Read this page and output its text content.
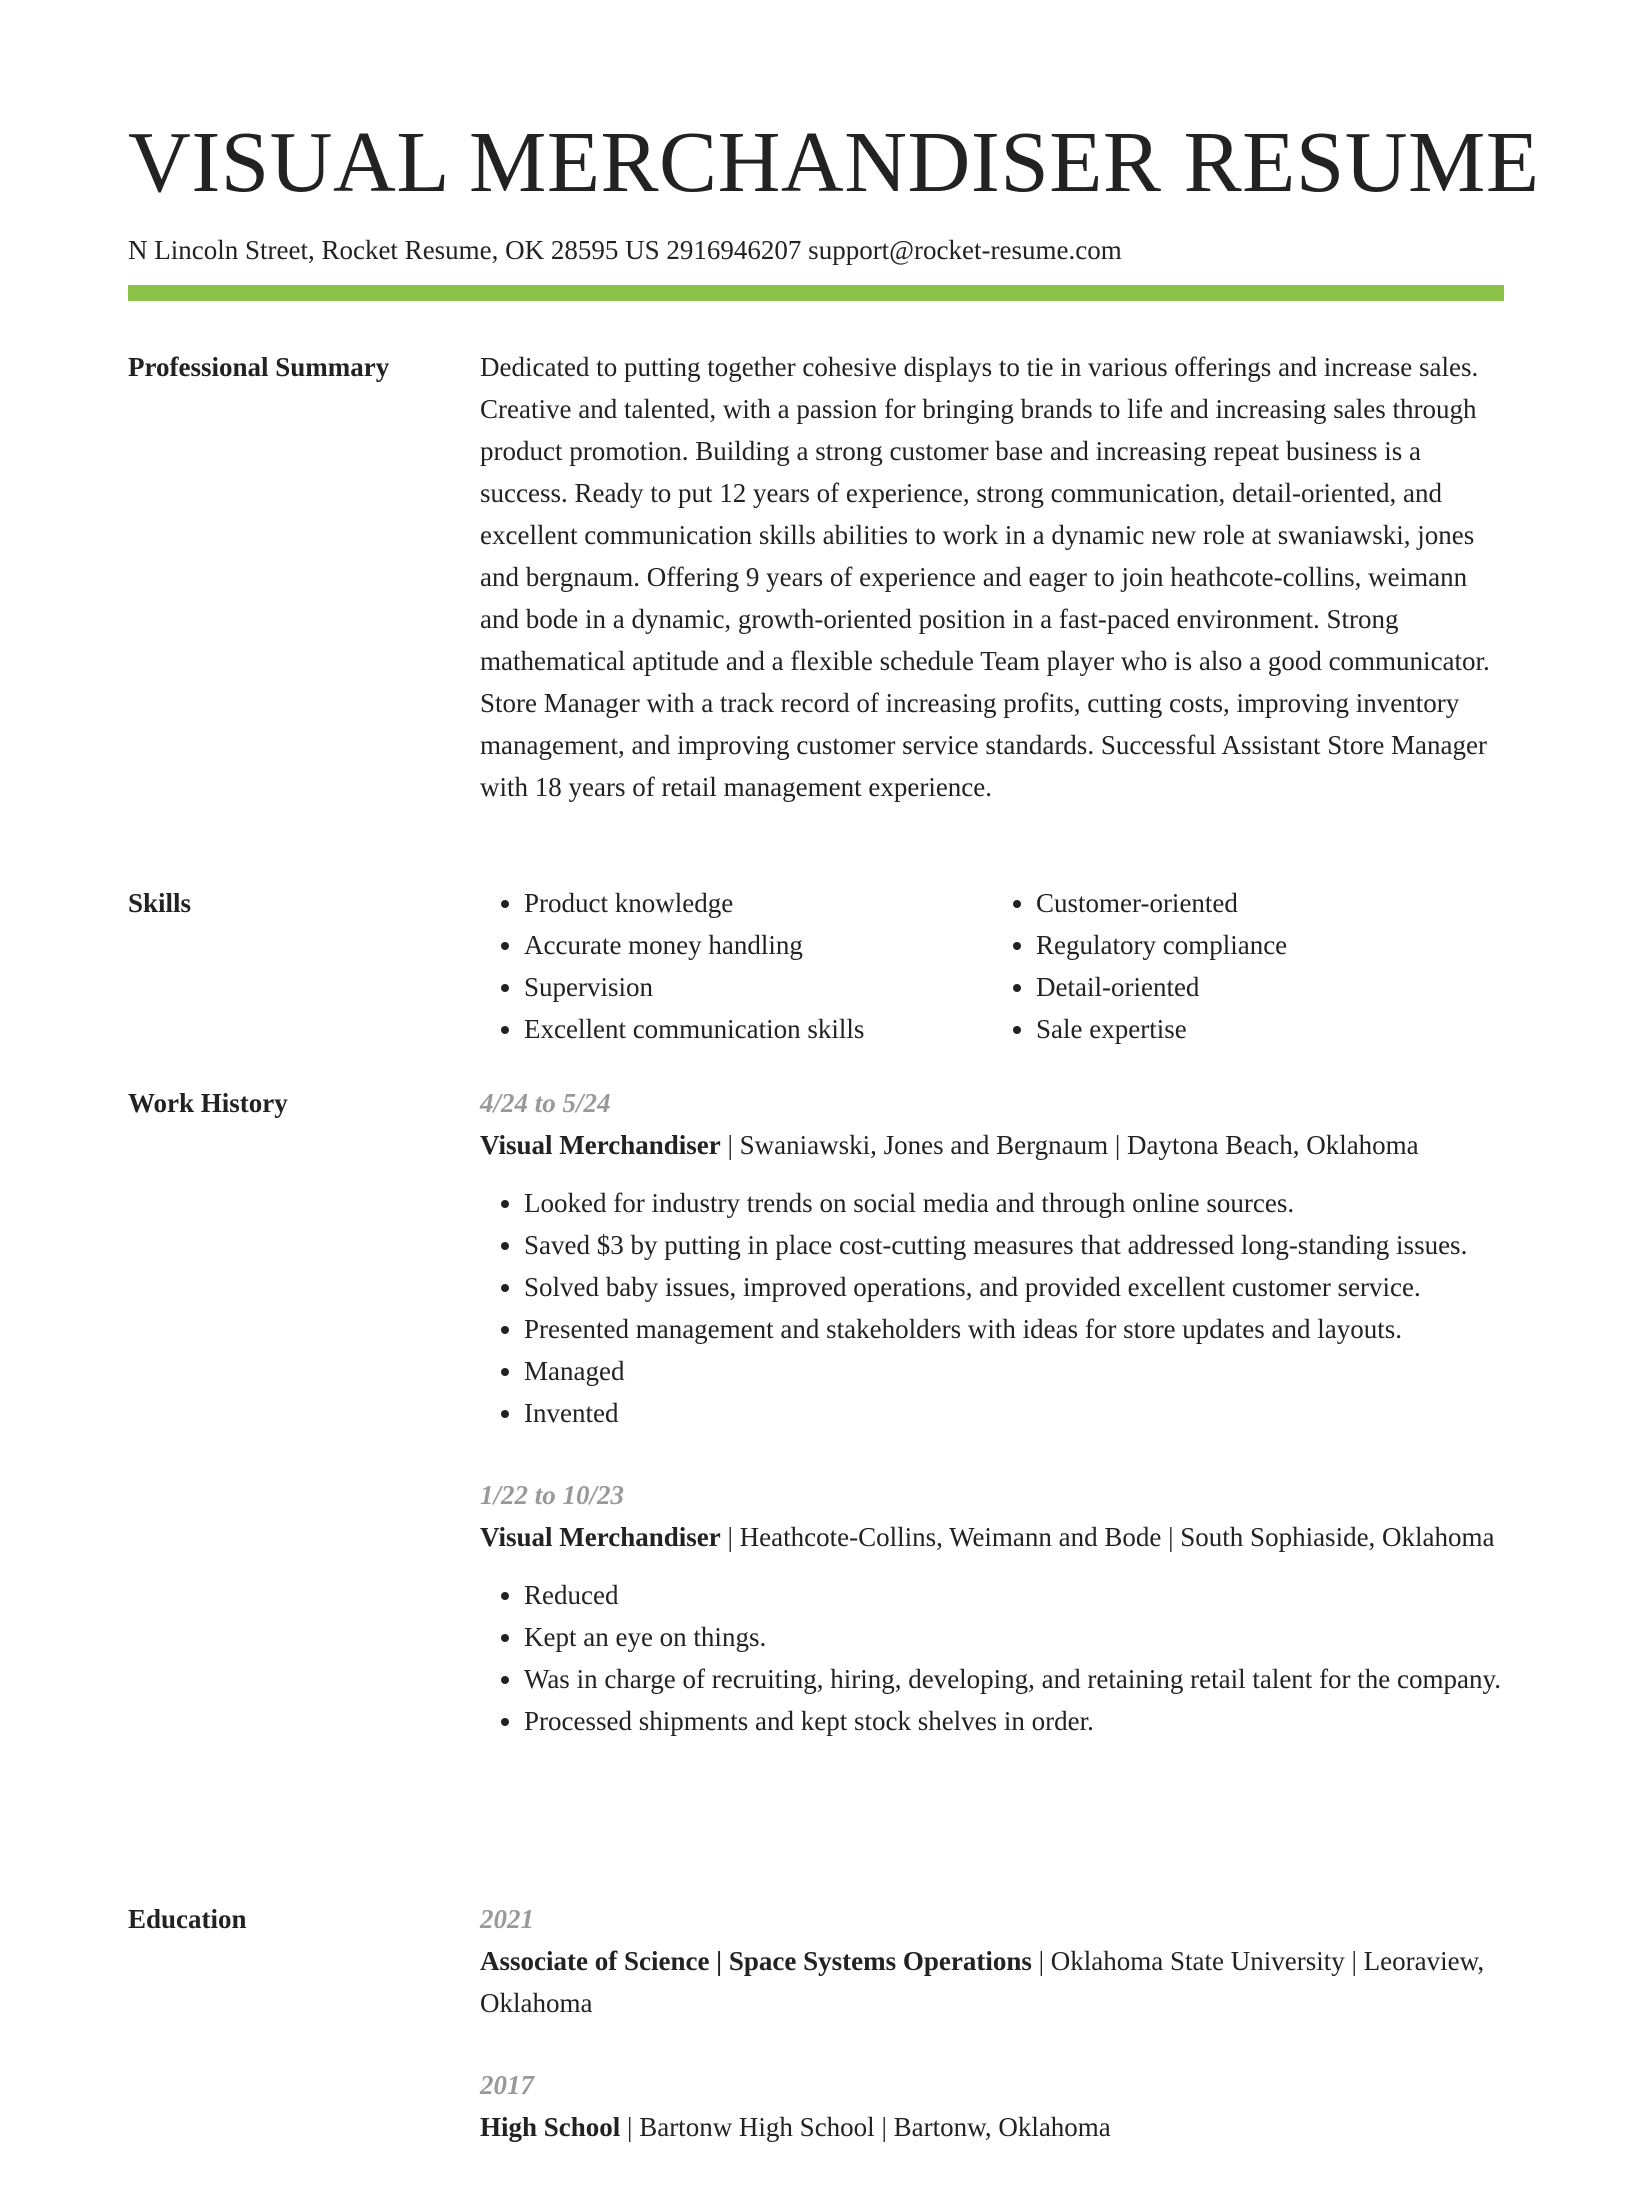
VISUAL MERCHANDISER RESUME
N Lincoln Street, Rocket Resume, OK 28595 US 2916946207 support@rocket-resume.com
Professional Summary	Dedicated to putting together cohesive displays to tie in various offerings and increase sales. Creative and talented, with a passion for bringing brands to life and increasing sales through product promotion. Building a strong customer base and increasing repeat business is a success. Ready to put 12 years of experience, strong communication, detail-oriented, and excellent communication skills abilities to work in a dynamic new role at swaniawski, jones and bergnaum. Offering 9 years of experience and eager to join heathcote-collins, weimann and bode in a dynamic, growth-oriented position in a fast-paced environment. Strong mathematical aptitude and a flexible schedule Team player who is also a good communicator. Store Manager with a track record of increasing profits, cutting costs, improving inventory management, and improving customer service standards. Successful Assistant Store Manager with 18 years of retail management experience.

Skills
•	Product knowledge
• Accurate money handling
• Supervision
• Excellent communication skills
• Customer-oriented
• Regulatory compliance
• Detail-oriented
• Sale expertise
Work History	4/24 to 5/24
Visual Merchandiser | Swaniawski, Jones and Bergnaum | Daytona Beach, Oklahoma
• Looked for industry trends on social media and through online sources.
• Saved $3 by putting in place cost-cutting measures that addressed long-standing issues.
• Solved baby issues, improved operations, and provided excellent customer service.
• Presented management and stakeholders with ideas for store updates and layouts.
• Managed
• Invented
1/22 to 10/23
Visual Merchandiser | Heathcote-Collins, Weimann and Bode | South Sophiaside, Oklahoma
• Reduced
• Kept an eye on things.
• Was in charge of recruiting, hiring, developing, and retaining retail talent for the company.
• Processed shipments and kept stock shelves in order.
Education	2021
Associate of Science | Space Systems Operations | Oklahoma State University | Leoraview, Oklahoma
2017
High School | Bartonw High School | Bartonw, Oklahoma
